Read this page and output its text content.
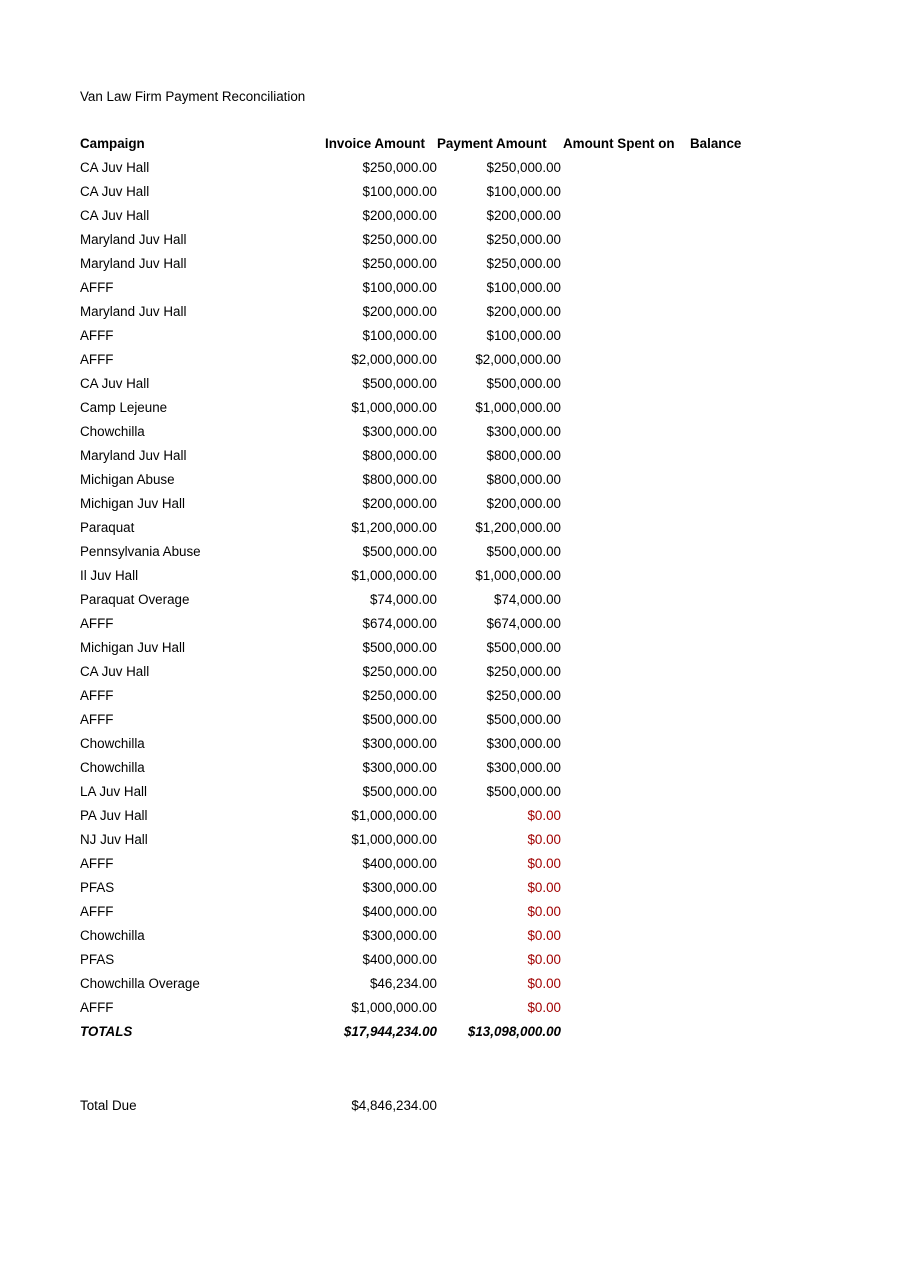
Van Law Firm Payment Reconciliation
Campaign	Invoice Amount Payment Amount	Amount Spent on	Balance
CA Juv Hall	$250,000.00	$250,000.00
CA Juv Hall	$100,000.00	$100,000.00
CA Juv Hall	$200,000.00	$200,000.00
Maryland Juv Hall	$250,000.00	$250,000.00
Maryland Juv Hall	$250,000.00	$250,000.00
AFFF	$100,000.00	$100,000.00
Maryland Juv Hall	$200,000.00	$200,000.00
AFFF	$100,000.00	$100,000.00
AFFF	$2,000,000.00	$2,000,000.00
CA Juv Hall	$500,000.00	$500,000.00
Camp Lejeune	$1,000,000.00	$1,000,000.00
Chowchilla	$300,000.00	$300,000.00
Maryland Juv Hall	$800,000.00	$800,000.00
Michigan Abuse	$800,000.00	$800,000.00
Michigan Juv Hall	$200,000.00	$200,000.00
Paraquat	$1,200,000.00	$1,200,000.00
Pennsylvania Abuse	$500,000.00	$500,000.00
Il Juv Hall	$1,000,000.00	$1,000,000.00
Paraquat Overage	$74,000.00	$74,000.00
AFFF	$674,000.00	$674,000.00
Michigan Juv Hall	$500,000.00	$500,000.00
CA Juv Hall	$250,000.00	$250,000.00
AFFF	$250,000.00	$250,000.00
AFFF	$500,000.00	$500,000.00
Chowchilla	$300,000.00	$300,000.00
Chowchilla	$300,000.00	$300,000.00
LA Juv Hall	$500,000.00	$500,000.00
PA Juv Hall	$1,000,000.00	$0.00
NJ Juv Hall	$1,000,000.00	$0.00
AFFF	$400,000.00	$0.00
PFAS	$300,000.00	$0.00
AFFF	$400,000.00	$0.00
Chowchilla	$300,000.00	$0.00
PFAS	$400,000.00	$0.00
Chowchilla Overage	$46,234.00	$0.00
AFFF	$1,000,000.00	$0.00
TOTALS	$17,944,234.00	$13,098,000.00
Total Due	$4,846,234.00
